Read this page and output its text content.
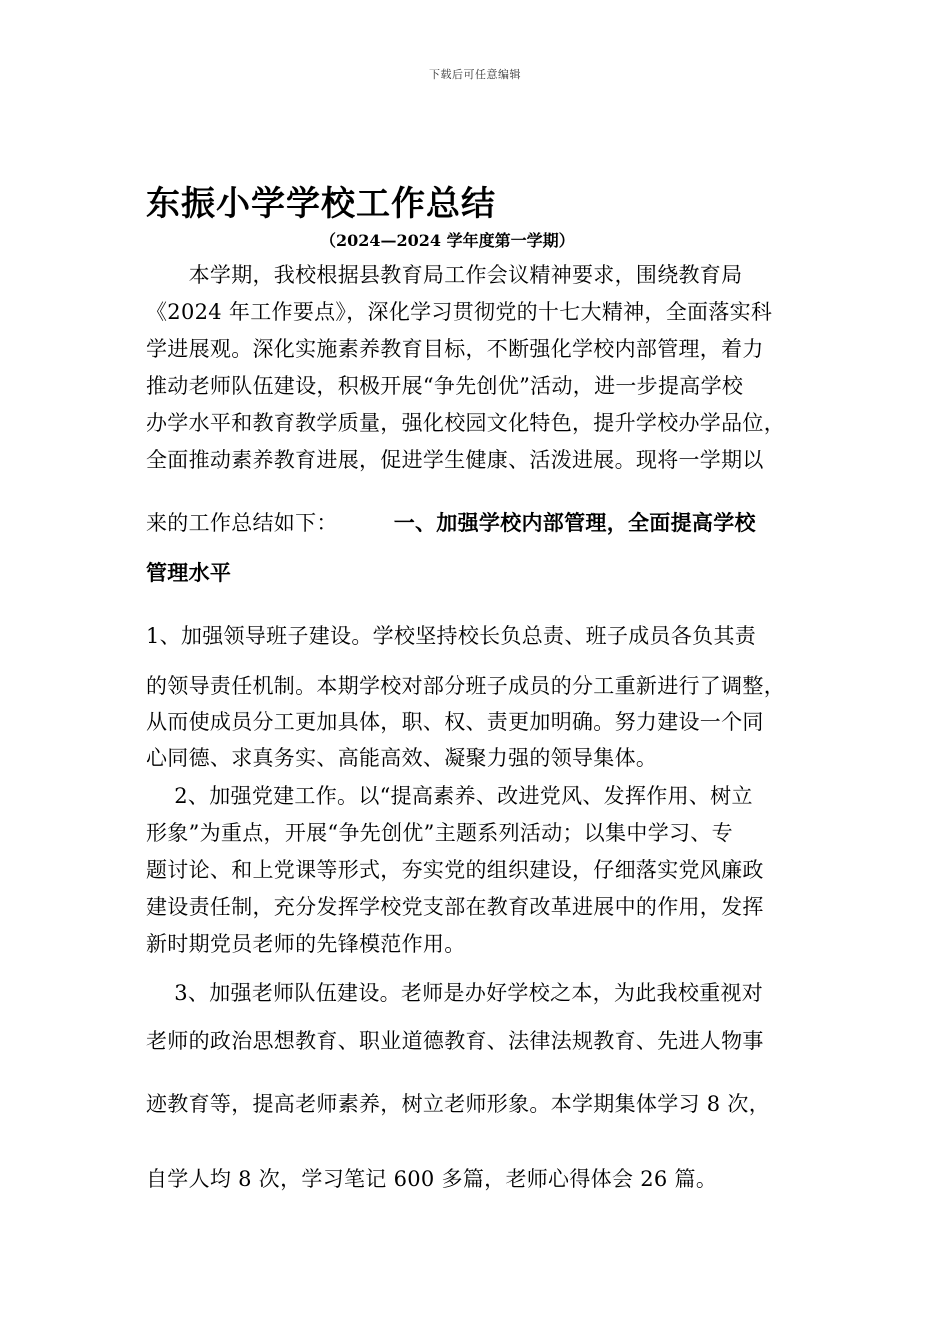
下载后可任意编辑
东振小学学校工作总结
（2024—2024 学年度第一学期）
　　本学期，我校根据县教育局工作会议精神要求，围绕教育局
《2024 年工作要点》，深化学习贯彻党的十七大精神，全面落实科
学进展观。深化实施素养教育目标，不断强化学校内部管理，着力
推动老师队伍建设，积极开展“争先创优”活动，进一步提高学校
办学水平和教育教学质量，强化校园文化特色，提升学校办学品位，
全面推动素养教育进展，促进学生健康、活泼进展。现将一学期以
来的工作总结如下：	一、加强学校内部管理，全面提高学校
管理水平
1、加强领导班子建设。学校坚持校长负总责、班子成员各负其责
的领导责任机制。本期学校对部分班子成员的分工重新进行了调整，
从而使成员分工更加具体，职、权、责更加明确。努力建设一个同
心同德、求真务实、高能高效、凝聚力强的领导集体。
　 2、加强党建工作。以“提高素养、改进党风、发挥作用、树立
形象”为重点，开展“争先创优”主题系列活动；以集中学习、专
题讨论、和上党课等形式，夯实党的组织建设，仔细落实党风廉政
建设责任制，充分发挥学校党支部在教育改革进展中的作用，发挥
新时期党员老师的先锋模范作用。
　 3、加强老师队伍建设。老师是办好学校之本，为此我校重视对
老师的政治思想教育、职业道德教育、法律法规教育、先进人物事
迹教育等，提高老师素养，树立老师形象。本学期集体学习 8 次，
自学人均 8 次，学习笔记 600 多篇，老师心得体会 26 篇。
